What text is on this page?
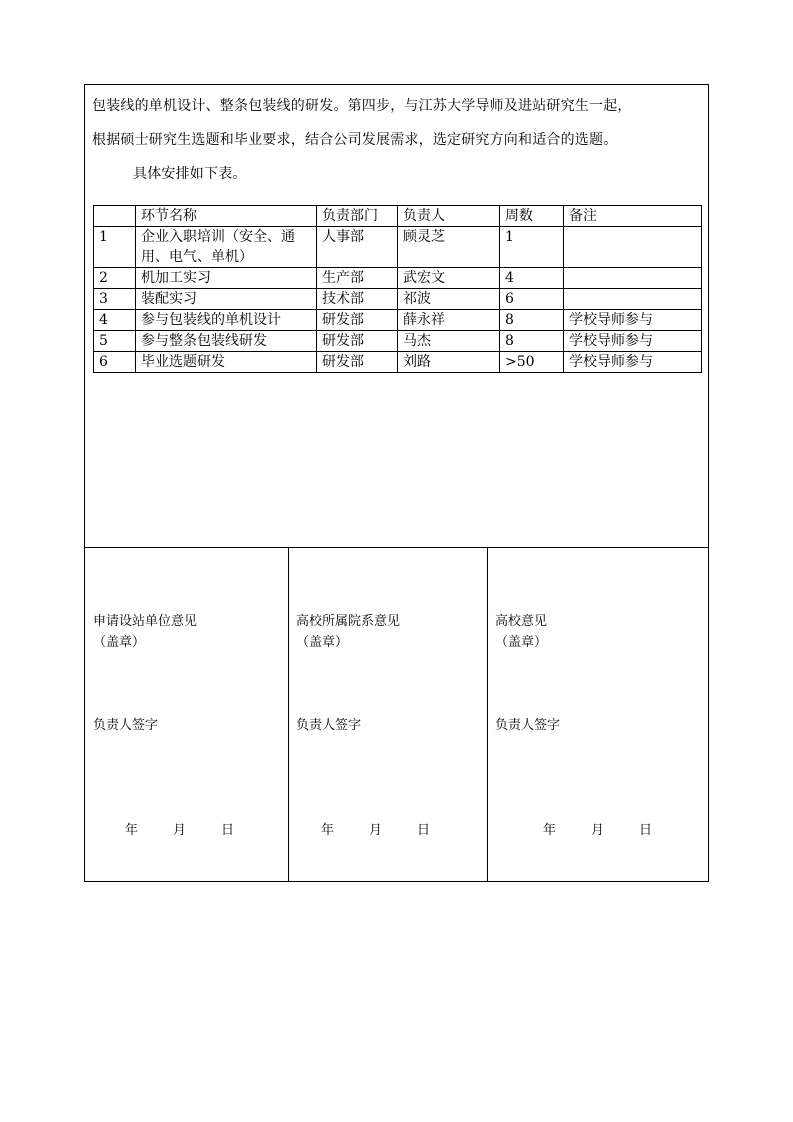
包装线的单机设计、整条包装线的研发。第四步，与江苏大学导师及进站研究生一起，
根据硕士研究生选题和毕业要求，结合公司发展需求，选定研究方向和适合的选题。
具体安排如下表。
	环节名称	负责部门	负责人	周数	备注
1	企业入职培训（安全、通用、电气、单机）	人事部	顾灵芝	1	
2	机加工实习	生产部	武宏文	4	
3	装配实习	技术部	祁波	6	
4	参与包装线的单机设计	研发部	薛永祥	8	学校导师参与
5	参与整条包装线研发	研发部	马杰	8	学校导师参与
6	毕业选题研发	研发部	刘路	>50	学校导师参与
申请设站单位意见
（盖章）
负责人签字
年	月	日
高校所属院系意见
（盖章）
负责人签字
年	月	日
高校意见
（盖章）
负责人签字
年	月	日
